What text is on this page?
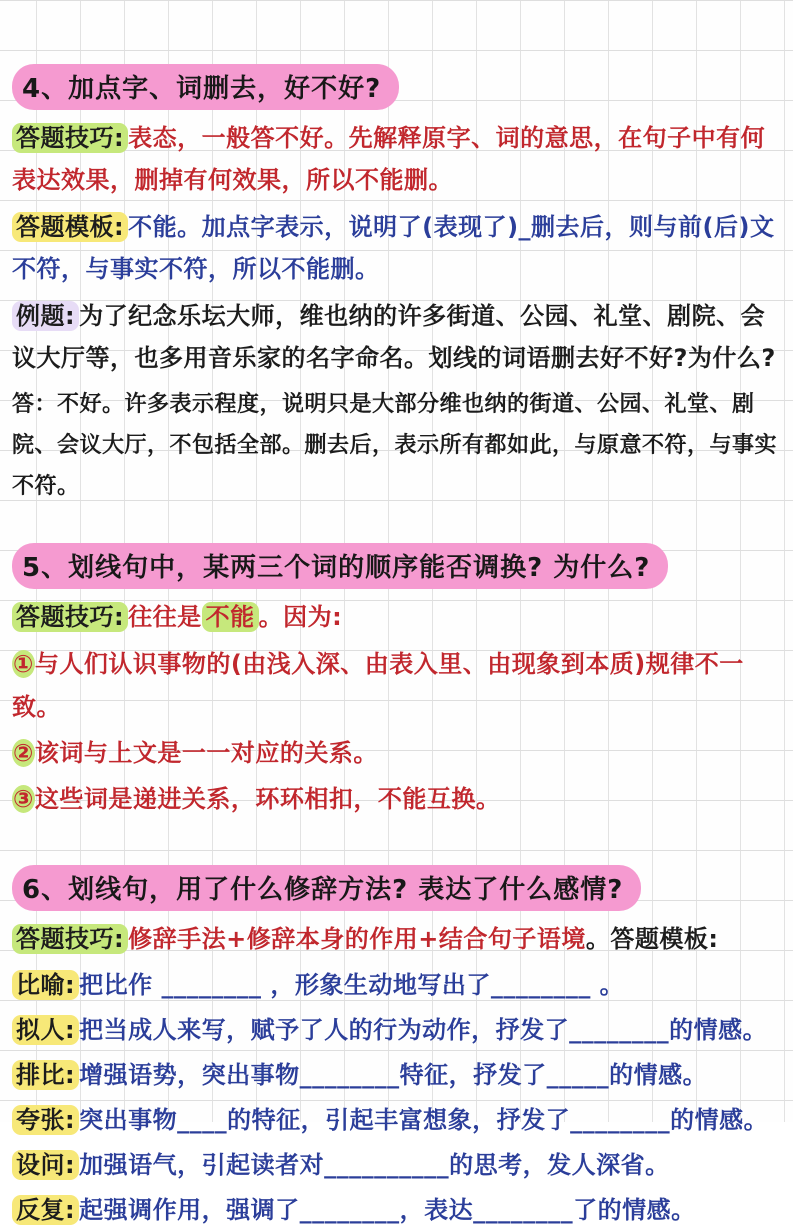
4、加点字、词删去，好不好?

答题技巧: 表态，一般答不好。先解释原字、词的意思，在句子中有何表达效果，删掉有何效果，所以不能删。

答题模板: 不能。加点字表示，说明了(表现了)_删去后，则与前(后)文不符，与事实不符，所以不能删。

例题: 为了纪念乐坛大师，维也纳的许多街道、公园、礼堂、剧院、会议大厅等，也多用音乐家的名字命名。划线的词语删去好不好?为什么?

答：不好。许多表示程度，说明只是大部分维也纳的街道、公园、礼堂、剧院、会议大厅，不包括全部。删去后，表示所有都如此，与原意不符，与事实不符。

5、划线句中，某两三个词的顺序能否调换? 为什么?

答题技巧: 往往是 不能 。因为:

①与人们认识事物的(由浅入深、由表入里、由现象到本质)规律不一致。

②该词与上文是一一对应的关系。

③这些词是递进关系，环环相扣，不能互换。

6、划线句，用了什么修辞方法? 表达了什么感情?

答题技巧: 修辞手法+修辞本身的作用+结合句子语境。答题模板:

比喻: 把比作 ________ ，形象生动地写出了________ 。

拟人: 把当成人来写，赋予了人的行为动作，抒发了________的情感。

排比: 增强语势，突出事物________特征，抒发了_____的情感。

夸张: 突出事物____的特征，引起丰富想象，抒发了________的情感。

设问: 加强语气，引起读者对__________的思考，发人深省。

反复: 起强调作用，强调了________，表达________了的情感。
